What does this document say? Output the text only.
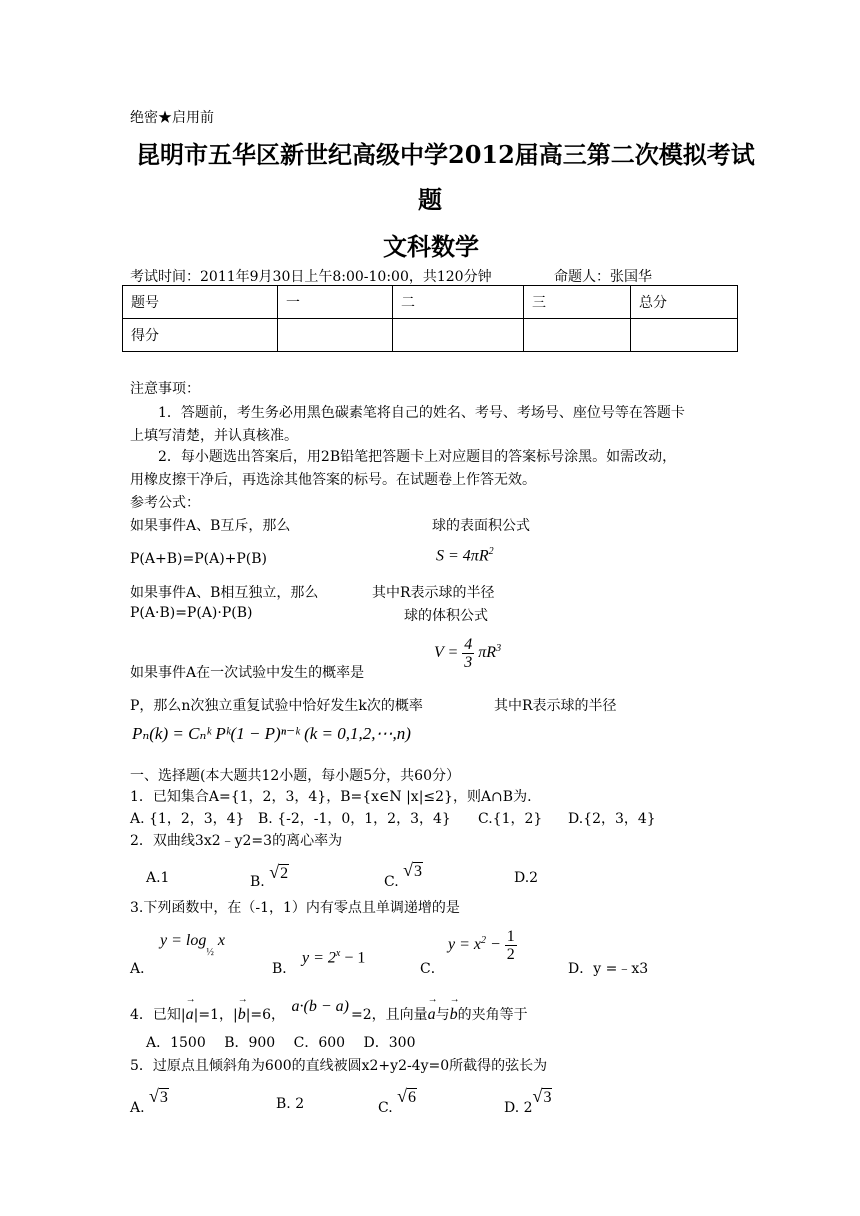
绝密★启用前
昆明市五华区新世纪高级中学2012届高三第二次模拟考试
题
文科数学
考试时间：2011年9月30日上午8:00-10:00，共120分钟	命题人：张国华
题号	一	二	三	总分
得分				
注意事项：
1．答题前，考生务必用黑色碳素笔将自己的姓名、考号、考场号、座位号等在答题卡
上填写清楚，并认真核准。
2．每小题选出答案后，用2B铅笔把答题卡上对应题目的答案标号涂黑。如需改动，
用橡皮擦干净后，再选涂其他答案的标号。在试题卷上作答无效。
参考公式：
如果事件A、B互斥，那么	球的表面积公式
P(A+B)=P(A)+P(B)	$S = 4\pi R^2$
如果事件A、B相互独立，那么	其中R表示球的半径
P(A·B)=P(A)·P(B)	球的体积公式
$V = \frac{4}{3} \pi R^3$
如果事件A在一次试验中发生的概率是
P，那么n次独立重复试验中恰好发生k次的概率	其中R表示球的半径
Pₙ(k) = Cₙᵏ Pᵏ(1 − P)ⁿ⁻ᵏ (k = 0,1,2,⋯,n)
一、选择题(本大题共12小题，每小题5分，共60分）
1．已知集合A={1，2，3，4}，B={x∈N |x|≤2}，则A∩B为.
A. {1，2，3，4} B. {-2，-1，0，1，2，3，4} C.{1，2} D.{2，3，4}
2．双曲线3x2﹣y2=3的离心率为
A.1	B. √2	C. √3	D.2
3.下列函数中，在（-1，1）内有零点且单调递增的是
A．
$y = \log_{\frac{1}{2}} x$
B．
$y = 2^x - 1$
C．
$y = x^2 - \frac{1}{2}$
D．y =﹣x3
4．已知|
→
a|=1，|
→
b|=6， a·(b − a) =2，且向量
→
a与
→
b的夹角等于
A．1500　 B．900　 C．600　 D．300
5．过原点且倾斜角为600的直线被圆x2+y2-4y=0所截得的弦长为
A. √3	B. 2	C. √6
D. 2√3
